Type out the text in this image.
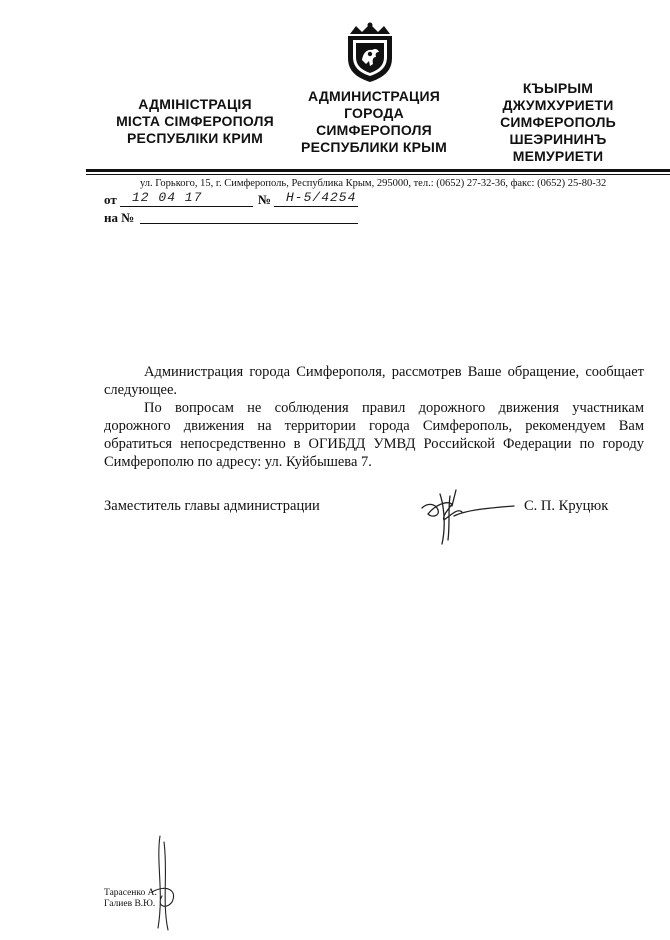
АДМІНІСТРАЦІЯ
МІСТА СІМФЕРОПОЛЯ
РЕСПУБЛІКИ КРИМ
АДМИНИСТРАЦИЯ
ГОРОДА
СИМФЕРОПОЛЯ
РЕСПУБЛИКИ КРЫМ
КЪЫРЫМ
ДЖУМХУРИЕТИ
СИМФЕРОПОЛЬ
ШЕЭРИНИНЪ
МЕМУРИЕТИ
ул. Горького, 15, г. Симферополь, Республика Крым, 295000, тел.: (0652) 27-32-36, факс: (0652) 25-80-32
от 12 04 17	№ Н-5/4254
на №
Администрация города Симферополя, рассмотрев Ваше обращение, сообщает следующее.
По вопросам не соблюдения правил дорожного движения участникам дорожного движения на территории города Симферополь, рекомендуем Вам обратиться непосредственно в ОГИБДД УМВД Российской Федерации по городу Симферополю по адресу: ул. Куйбышева 7.
Заместитель главы администрации	С. П. Круцюк
Тарасенко А.
Галиев В.Ю.
